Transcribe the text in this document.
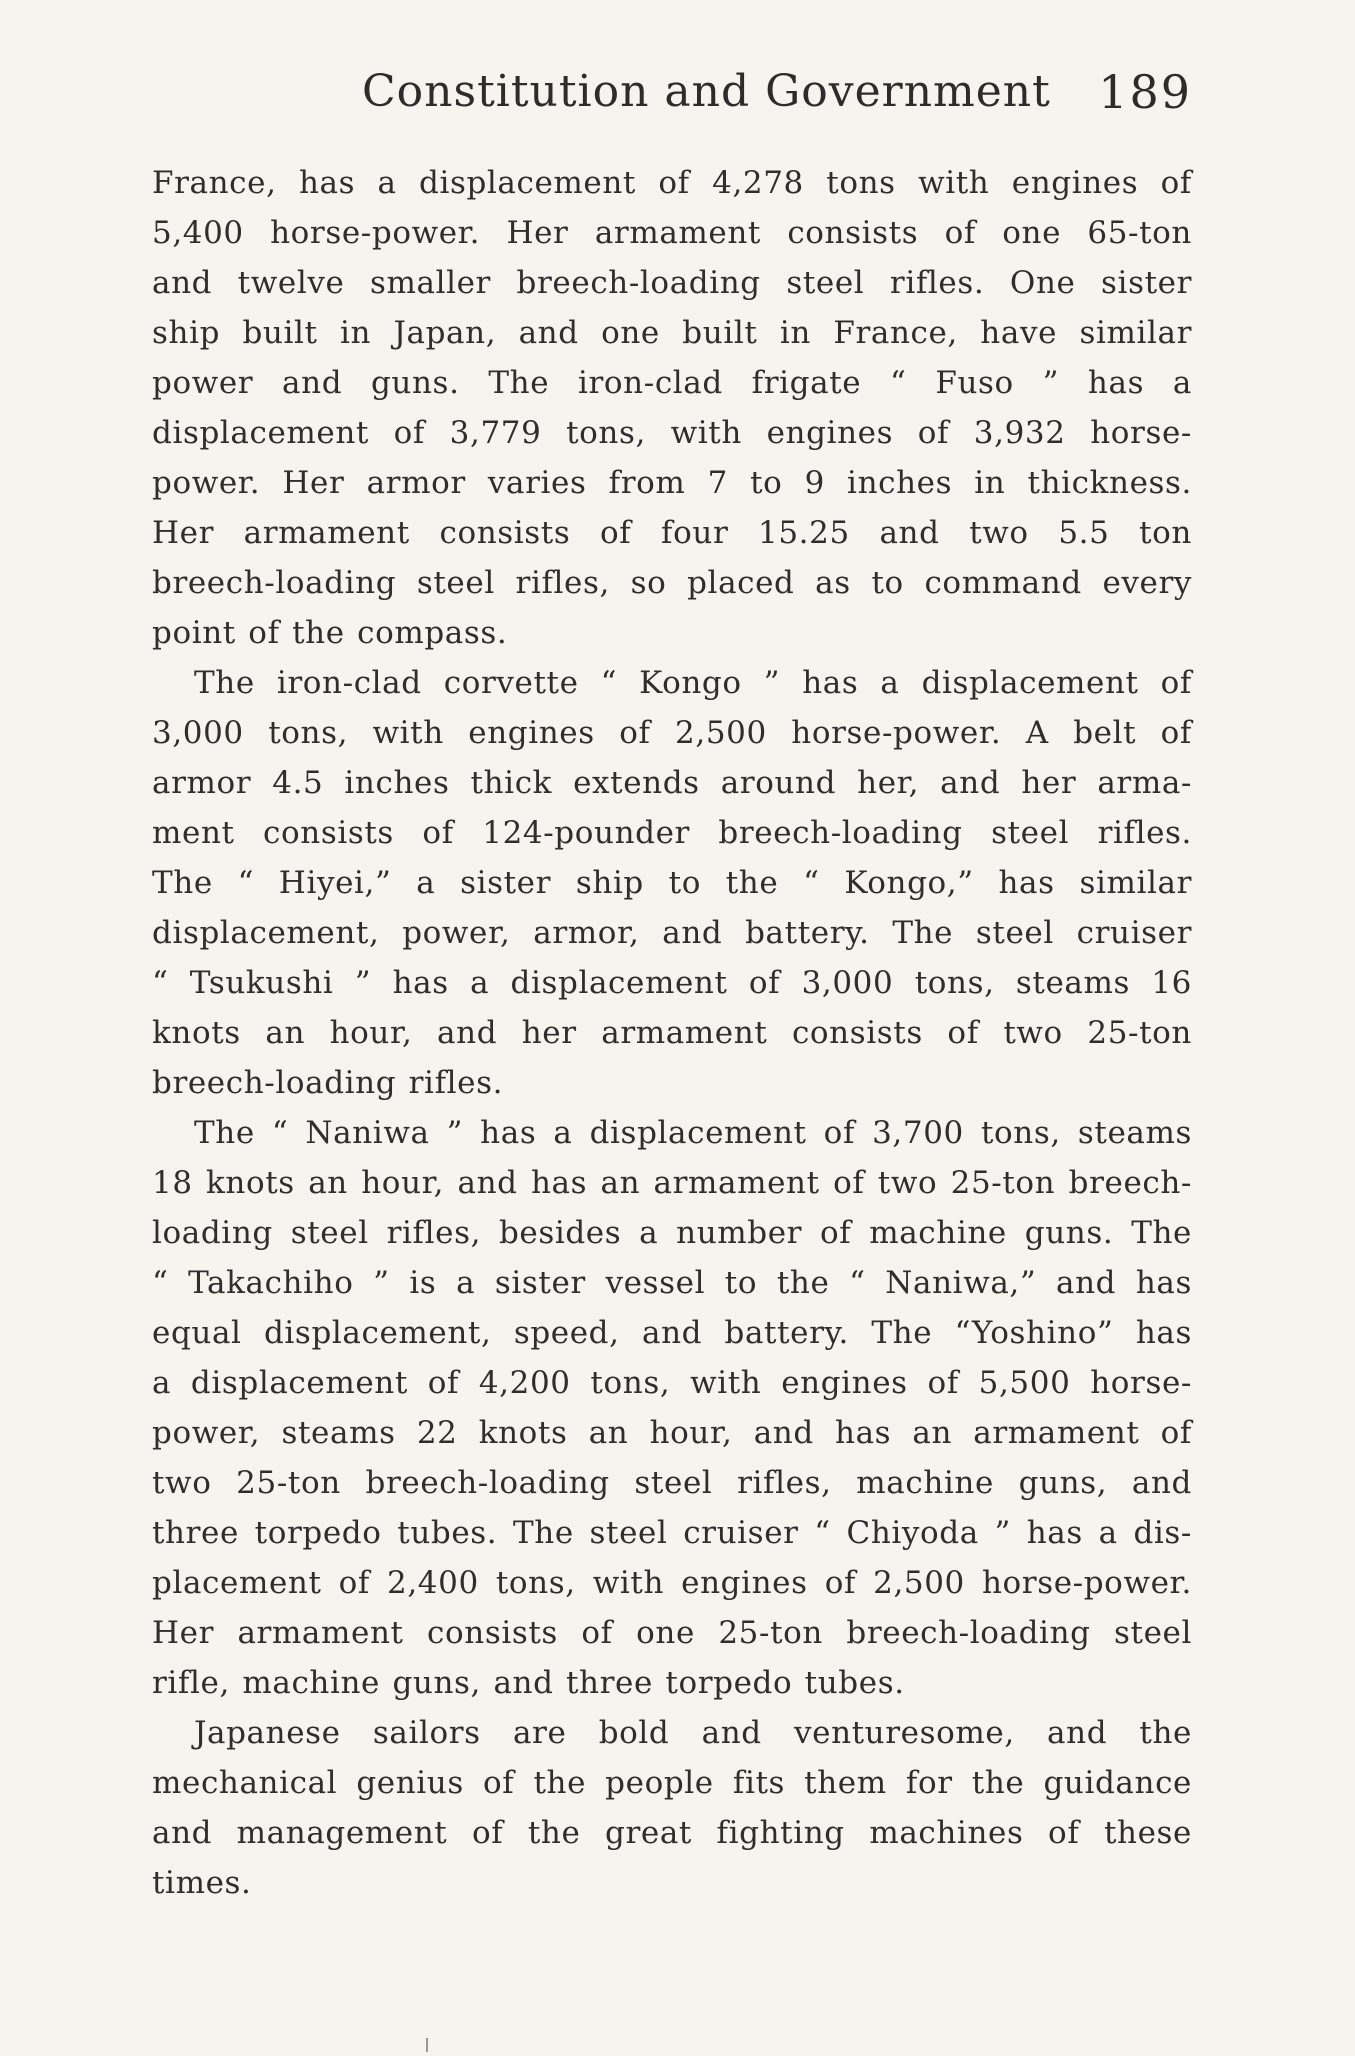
Constitution and Government 189
France, has a displacement of 4,278 tons with engines of
5,400 horse-power. Her armament consists of one 65-ton
and twelve smaller breech-loading steel rifles. One sister
ship built in Japan, and one built in France, have similar
power and guns. The iron-clad frigate “ Fuso ” has a
displacement of 3,779 tons, with engines of 3,932 horse-
power. Her armor varies from 7 to 9 inches in thickness.
Her armament consists of four 15.25 and two 5.5 ton
breech-loading steel rifles, so placed as to command every
point of the compass.
The iron-clad corvette “ Kongo ” has a displacement of
3,000 tons, with engines of 2,500 horse-power. A belt of
armor 4.5 inches thick extends around her, and her arma-
ment consists of 124-pounder breech-loading steel rifles.
The “ Hiyei,” a sister ship to the “ Kongo,” has similar
displacement, power, armor, and battery. The steel cruiser
“ Tsukushi ” has a displacement of 3,000 tons, steams 16
knots an hour, and her armament consists of two 25-ton
breech-loading rifles.
The “ Naniwa ” has a displacement of 3,700 tons, steams
18 knots an hour, and has an armament of two 25-ton breech-
loading steel rifles, besides a number of machine guns. The
“ Takachiho ” is a sister vessel to the “ Naniwa,” and has
equal displacement, speed, and battery. The “Yoshino” has
a displacement of 4,200 tons, with engines of 5,500 horse-
power, steams 22 knots an hour, and has an armament of
two 25-ton breech-loading steel rifles, machine guns, and
three torpedo tubes. The steel cruiser “ Chiyoda ” has a dis-
placement of 2,400 tons, with engines of 2,500 horse-power.
Her armament consists of one 25-ton breech-loading steel
rifle, machine guns, and three torpedo tubes.
Japanese sailors are bold and venturesome, and the
mechanical genius of the people fits them for the guidance
and management of the great fighting machines of these
times.
